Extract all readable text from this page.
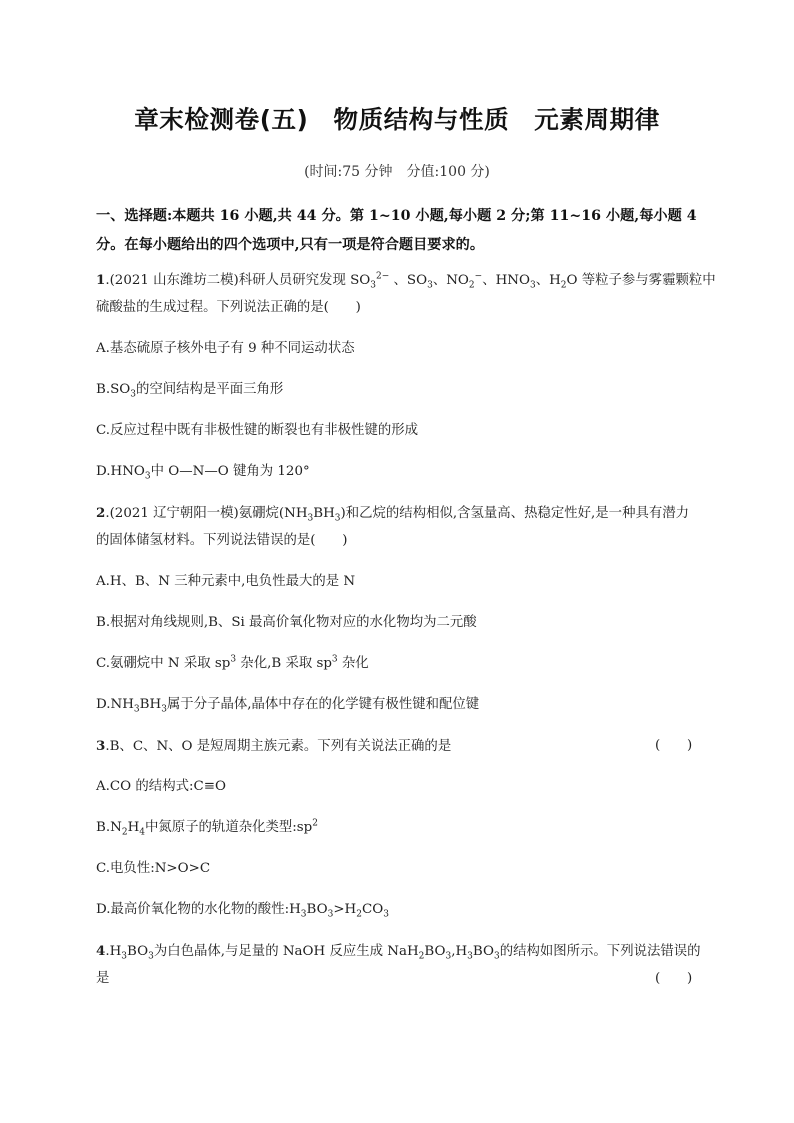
章末检测卷(五)　物质结构与性质　元素周期律
(时间:75 分钟　分值:100 分)
一、选择题:本题共 16 小题,共 44 分。第 1~10 小题,每小题 2 分;第 11~16 小题,每小题 4
分。在每小题给出的四个选项中,只有一项是符合题目要求的。
1.(2021 山东潍坊二模)科研人员研究发现 $SO_3^{2-}$ 、$SO_3$、$NO_2^-$、$HNO_3$、$H_2O$ 等粒子参与雾霾颗粒中
硫酸盐的生成过程。下列说法正确的是(　　)
A.基态硫原子核外电子有 9 种不同运动状态
$B.SO_3$的空间结构是平面三角形
C.反应过程中既有非极性键的断裂也有非极性键的形成
$D.HNO_3$中 O—N—O 键角为 120°
2.(2021 辽宁朝阳一模)氨硼烷$(NH_3BH_3)$和乙烷的结构相似,含氢量高、热稳定性好,是一种具有潜力
的固体储氢材料。下列说法错误的是(　　)
A.H、B、N 三种元素中,电负性最大的是 N
B.根据对角线规则,B、Si 最高价氧化物对应的水化物均为二元酸
C.氨硼烷中 N 采取 $sp^3$ 杂化,B 采取 $sp^3$ 杂化
$D.NH_3BH_3$属于分子晶体,晶体中存在的化学键有极性键和配位键
3.B、C、N、O 是短周期主族元素。下列有关说法正确的是	(　　)
A.CO 的结构式:C≡O
$B.N_2H_4$中氮原子的轨道杂化类型$:sp^2$
C.电负性:N>O>C
D.最高价氧化物的水化物的酸性$:H_3BO_3>H_2CO_3$
$4.H_3BO_3$为白色晶体,与足量的 NaOH 反应生成 $NaH_2BO_3,H_3BO_3$的结构如图所示。下列说法错误的
是	(　　)
